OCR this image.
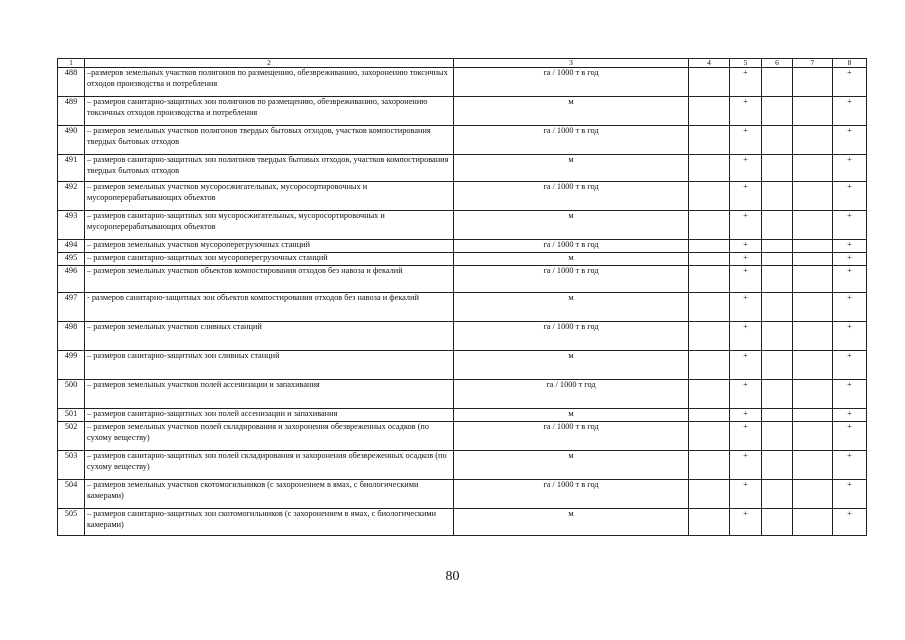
1	2	3	4	5	6	7	8
488	–размеров земельных участков полигонов по размещению, обезвреживанию, захоронению токсичных отходов производства и потребления	га / 1000 т в год		+			+
489	– размеров санитарно-защитных зон полигонов по размещению, обезвреживанию, захоронению токсичных отходов производства и потребления	м		+			+
490	– размеров земельных участков полигонов твердых бытовых отходов, участков компостирования твердых бытовых отходов	га / 1000 т в год		+			+
491	– размеров санитарно-защитных зон полигонов твердых бытовых отходов, участков компостирования твердых бытовых отходов	м		+			+
492	– размеров земельных участков мусоросжигательных, мусоросортировочных и мусороперерабатывающих объектов	га / 1000 т в год		+			+
493	– размеров санитарно-защитных зон мусоросжигательных, мусоросортировочных и мусороперерабатывающих объектов	м		+			+
494	– размеров земельных участков мусороперегрузочных станций	га / 1000 т в год		+			+
495	– размеров санитарно-защитных зон мусороперегрузочных станций	м		+			+
496	– размеров земельных участков объектов компостирования отходов без навоза и фекалий	га / 1000 т в год		+			+
497	- размеров санитарно-защитных зон объектов компостирования отходов без навоза и фекалий	м		+			+
498	– размеров земельных участков сливных станций	га / 1000 т в год		+			+
499	– размеров санитарно-защитных зон сливных станций	м		+			+
500	– размеров земельных участков полей ассенизации и запахивания	га / 1000 т год		+			+
501	– размеров санитарно-защитных зон полей ассенизации и запахивания	м		+			+
502	– размеров земельных участков полей складирования и захоронения обезвреженных осадков (по сухому веществу)	га / 1000 т в год		+			+
503	– размеров санитарно-защитных зон полей складирования и захоронения обезвреженных осадков (по сухому веществу)	м		+			+
504	– размеров земельных участков скотомогильников (с захоронением в ямах, с биологическими камерами)	га / 1000 т в год		+			+
505	– размеров санитарно-защитных зон скотомогильников (с захоронением в ямах, с биологическими камерами)	м		+			+
80
